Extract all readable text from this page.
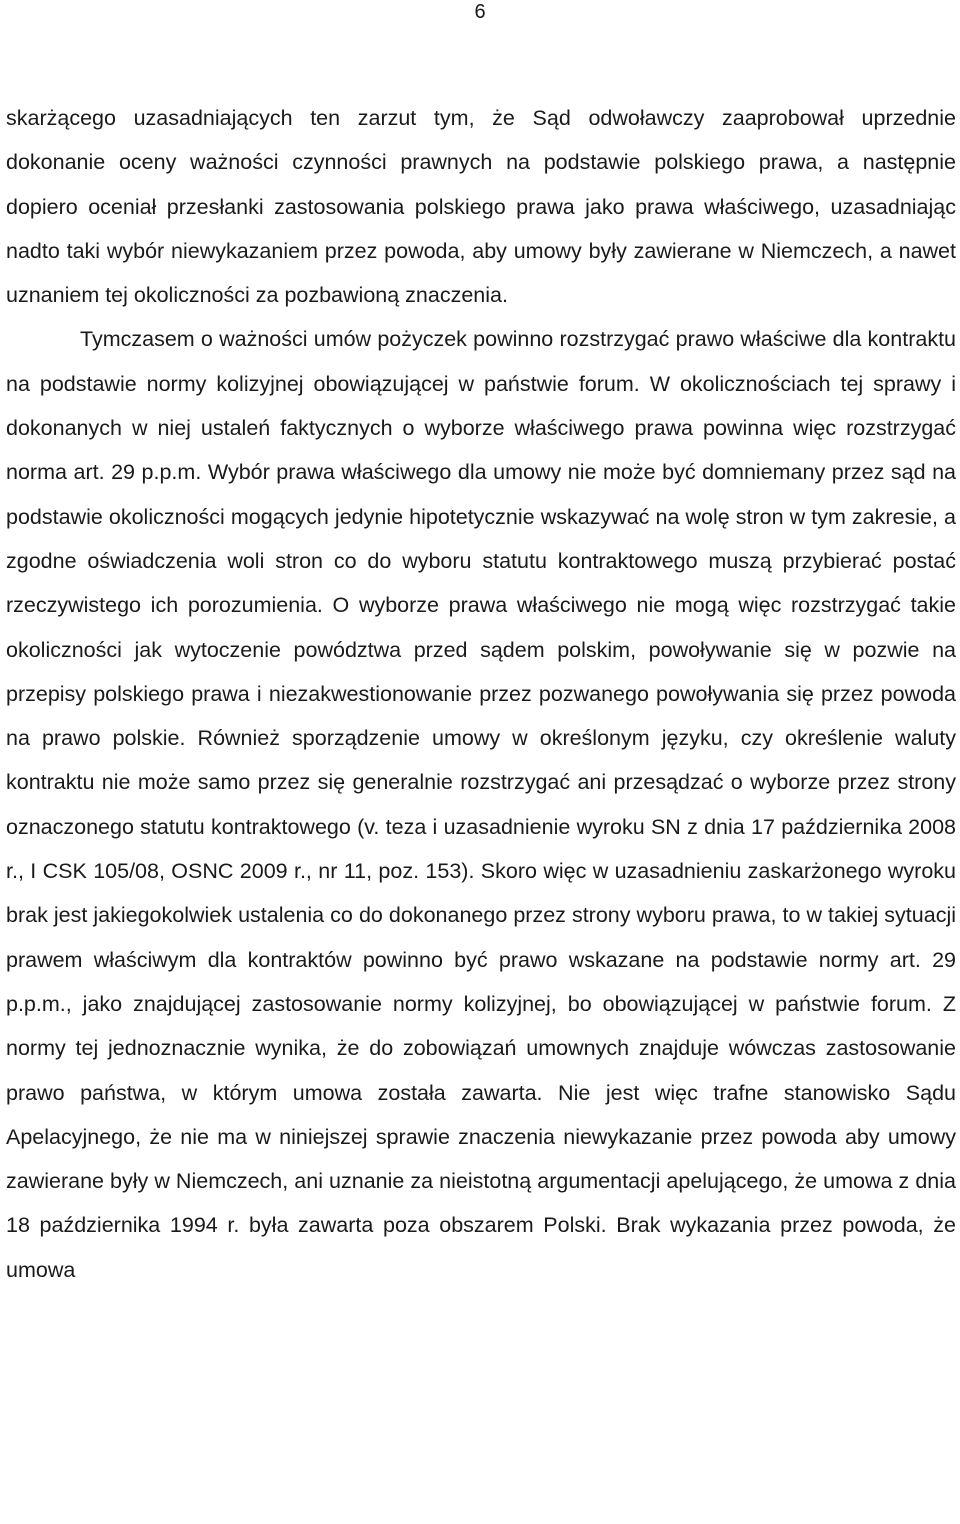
6

skarżącego uzasadniających ten zarzut tym, że Sąd odwoławczy zaaprobował uprzednie dokonanie oceny ważności czynności prawnych na podstawie polskiego prawa, a następnie dopiero oceniał przesłanki zastosowania polskiego prawa jako prawa właściwego, uzasadniając nadto taki wybór niewykazaniem przez powoda, aby umowy były zawierane w Niemczech, a nawet uznaniem tej okoliczności za pozbawioną znaczenia.

Tymczasem o ważności umów pożyczek powinno rozstrzygać prawo właściwe dla kontraktu na podstawie normy kolizyjnej obowiązującej w państwie forum. W okolicznościach tej sprawy i dokonanych w niej ustaleń faktycznych o wyborze właściwego prawa powinna więc rozstrzygać norma art. 29 p.p.m. Wybór prawa właściwego dla umowy nie może być domniemany przez sąd na podstawie okoliczności mogących jedynie hipotetycznie wskazywać na wolę stron w tym zakresie, a zgodne oświadczenia woli stron co do wyboru statutu kontraktowego muszą przybierać postać rzeczywistego ich porozumienia. O wyborze prawa właściwego nie mogą więc rozstrzygać takie okoliczności jak wytoczenie powództwa przed sądem polskim, powoływanie się w pozwie na przepisy polskiego prawa i niezakwestionowanie przez pozwanego powoływania się przez powoda na prawo polskie. Również sporządzenie umowy w określonym języku, czy określenie waluty kontraktu nie może samo przez się generalnie rozstrzygać ani przesądzać o wyborze przez strony oznaczonego statutu kontraktowego (v. teza i uzasadnienie wyroku SN z dnia 17 października 2008 r., I CSK 105/08, OSNC 2009 r., nr 11, poz. 153). Skoro więc w uzasadnieniu zaskarżonego wyroku brak jest jakiegokolwiek ustalenia co do dokonanego przez strony wyboru prawa, to w takiej sytuacji prawem właściwym dla kontraktów powinno być prawo wskazane na podstawie normy art. 29 p.p.m., jako znajdującej zastosowanie normy kolizyjnej, bo obowiązującej w państwie forum. Z normy tej jednoznacznie wynika, że do zobowiązań umownych znajduje wówczas zastosowanie prawo państwa, w którym umowa została zawarta. Nie jest więc trafne stanowisko Sądu Apelacyjnego, że nie ma w niniejszej sprawie znaczenia niewykazanie przez powoda aby umowy zawierane były w Niemczech, ani uznanie za nieistotną argumentacji apelującego, że umowa z dnia 18 października 1994 r. była zawarta poza obszarem Polski. Brak wykazania przez powoda, że umowa
